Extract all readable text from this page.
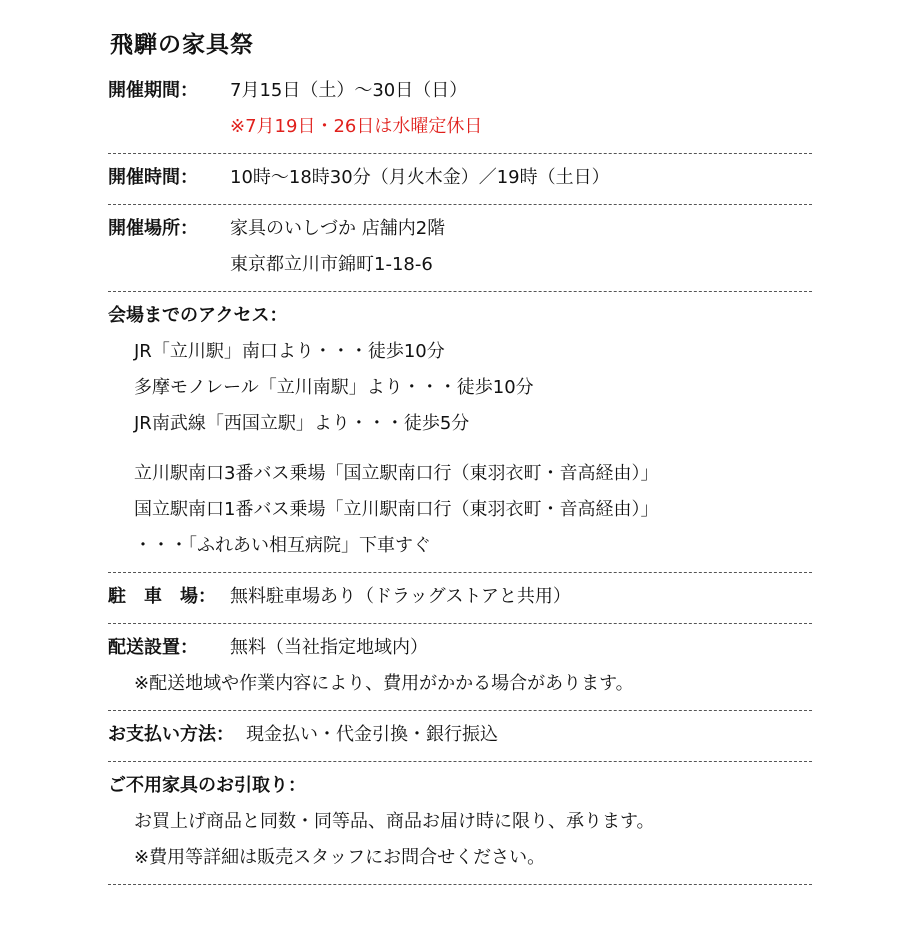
飛騨の家具祭
開催期間：	7月15日（土）～30日（日）
※7月19日・26日は水曜定休日
開催時間：	10時～18時30分（月火木金）／19時（土日）
開催場所：	家具のいしづか 店舗内2階
東京都立川市錦町1-18-6
会場までのアクセス：
JR「立川駅」南口より・・・徒歩10分
多摩モノレール「立川南駅」より・・・徒歩10分
JR南武線「西国立駅」より・・・徒歩5分
立川駅南口3番バス乗場「国立駅南口行（東羽衣町・音高経由）」
国立駅南口1番バス乗場「立川駅南口行（東羽衣町・音高経由）」
・・・「ふれあい相互病院」下車すぐ
駐　車　場： 無料駐車場あり（ドラッグストアと共用）
配送設置：	無料（当社指定地域内）
※配送地域や作業内容により、費用がかかる場合があります。
お支払い方法： 現金払い・代金引換・銀行振込
ご不用家具のお引取り：
お買上げ商品と同数・同等品、商品お届け時に限り、承ります。
※費用等詳細は販売スタッフにお問合せください。
